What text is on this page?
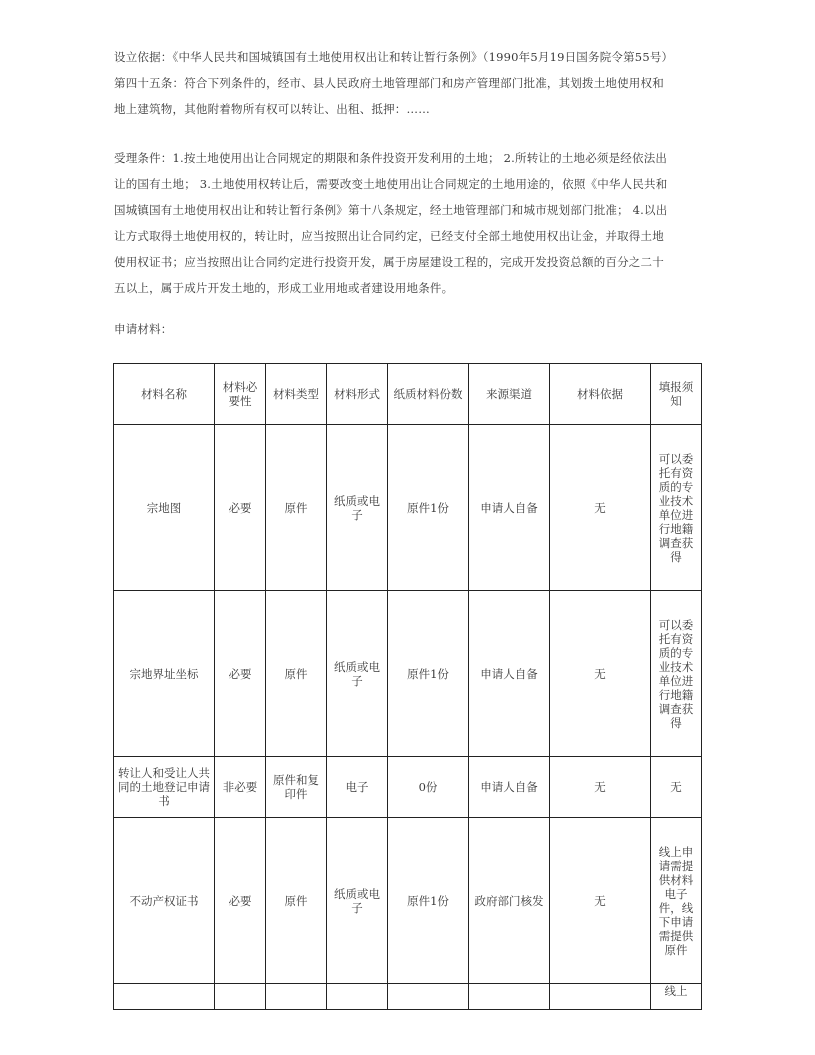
设立依据：《中华人民共和国城镇国有土地使用权出让和转让暂行条例》（1990年5月19日国务院令第55号）
第四十五条：符合下列条件的，经市、县人民政府土地管理部门和房产管理部门批准，其划拨土地使用权和
地上建筑物，其他附着物所有权可以转让、出租、抵押：……
受理条件：1.按土地使用出让合同规定的期限和条件投资开发利用的土地； 2.所转让的土地必须是经依法出
让的国有土地； 3.土地使用权转让后，需要改变土地使用出让合同规定的土地用途的，依照《中华人民共和
国城镇国有土地使用权出让和转让暂行条例》第十八条规定，经土地管理部门和城市规划部门批准； 4.以出
让方式取得土地使用权的，转让时，应当按照出让合同约定，已经支付全部土地使用权出让金，并取得土地
使用权证书；应当按照出让合同约定进行投资开发，属于房屋建设工程的，完成开发投资总额的百分之二十
五以上，属于成片开发土地的，形成工业用地或者建设用地条件。
申请材料：
材料名称	材料必要性	材料类型	材料形式	纸质材料份数	来源渠道	材料依据	填报须知
宗地图	必要	原件	纸质或电子	原件1份	申请人自备	无	可以委托有资质的专业技术单位进行地籍调查获得
宗地界址坐标	必要	原件	纸质或电子	原件1份	申请人自备	无	可以委托有资质的专业技术单位进行地籍调查获得
转让人和受让人共同的土地登记申请书	非必要	原件和复印件	电子	0份	申请人自备	无	无
不动产权证书	必要	原件	纸质或电子	原件1份	政府部门核发	无	线上申请需提供材料电子件，线下申请需提供原件
							线上
